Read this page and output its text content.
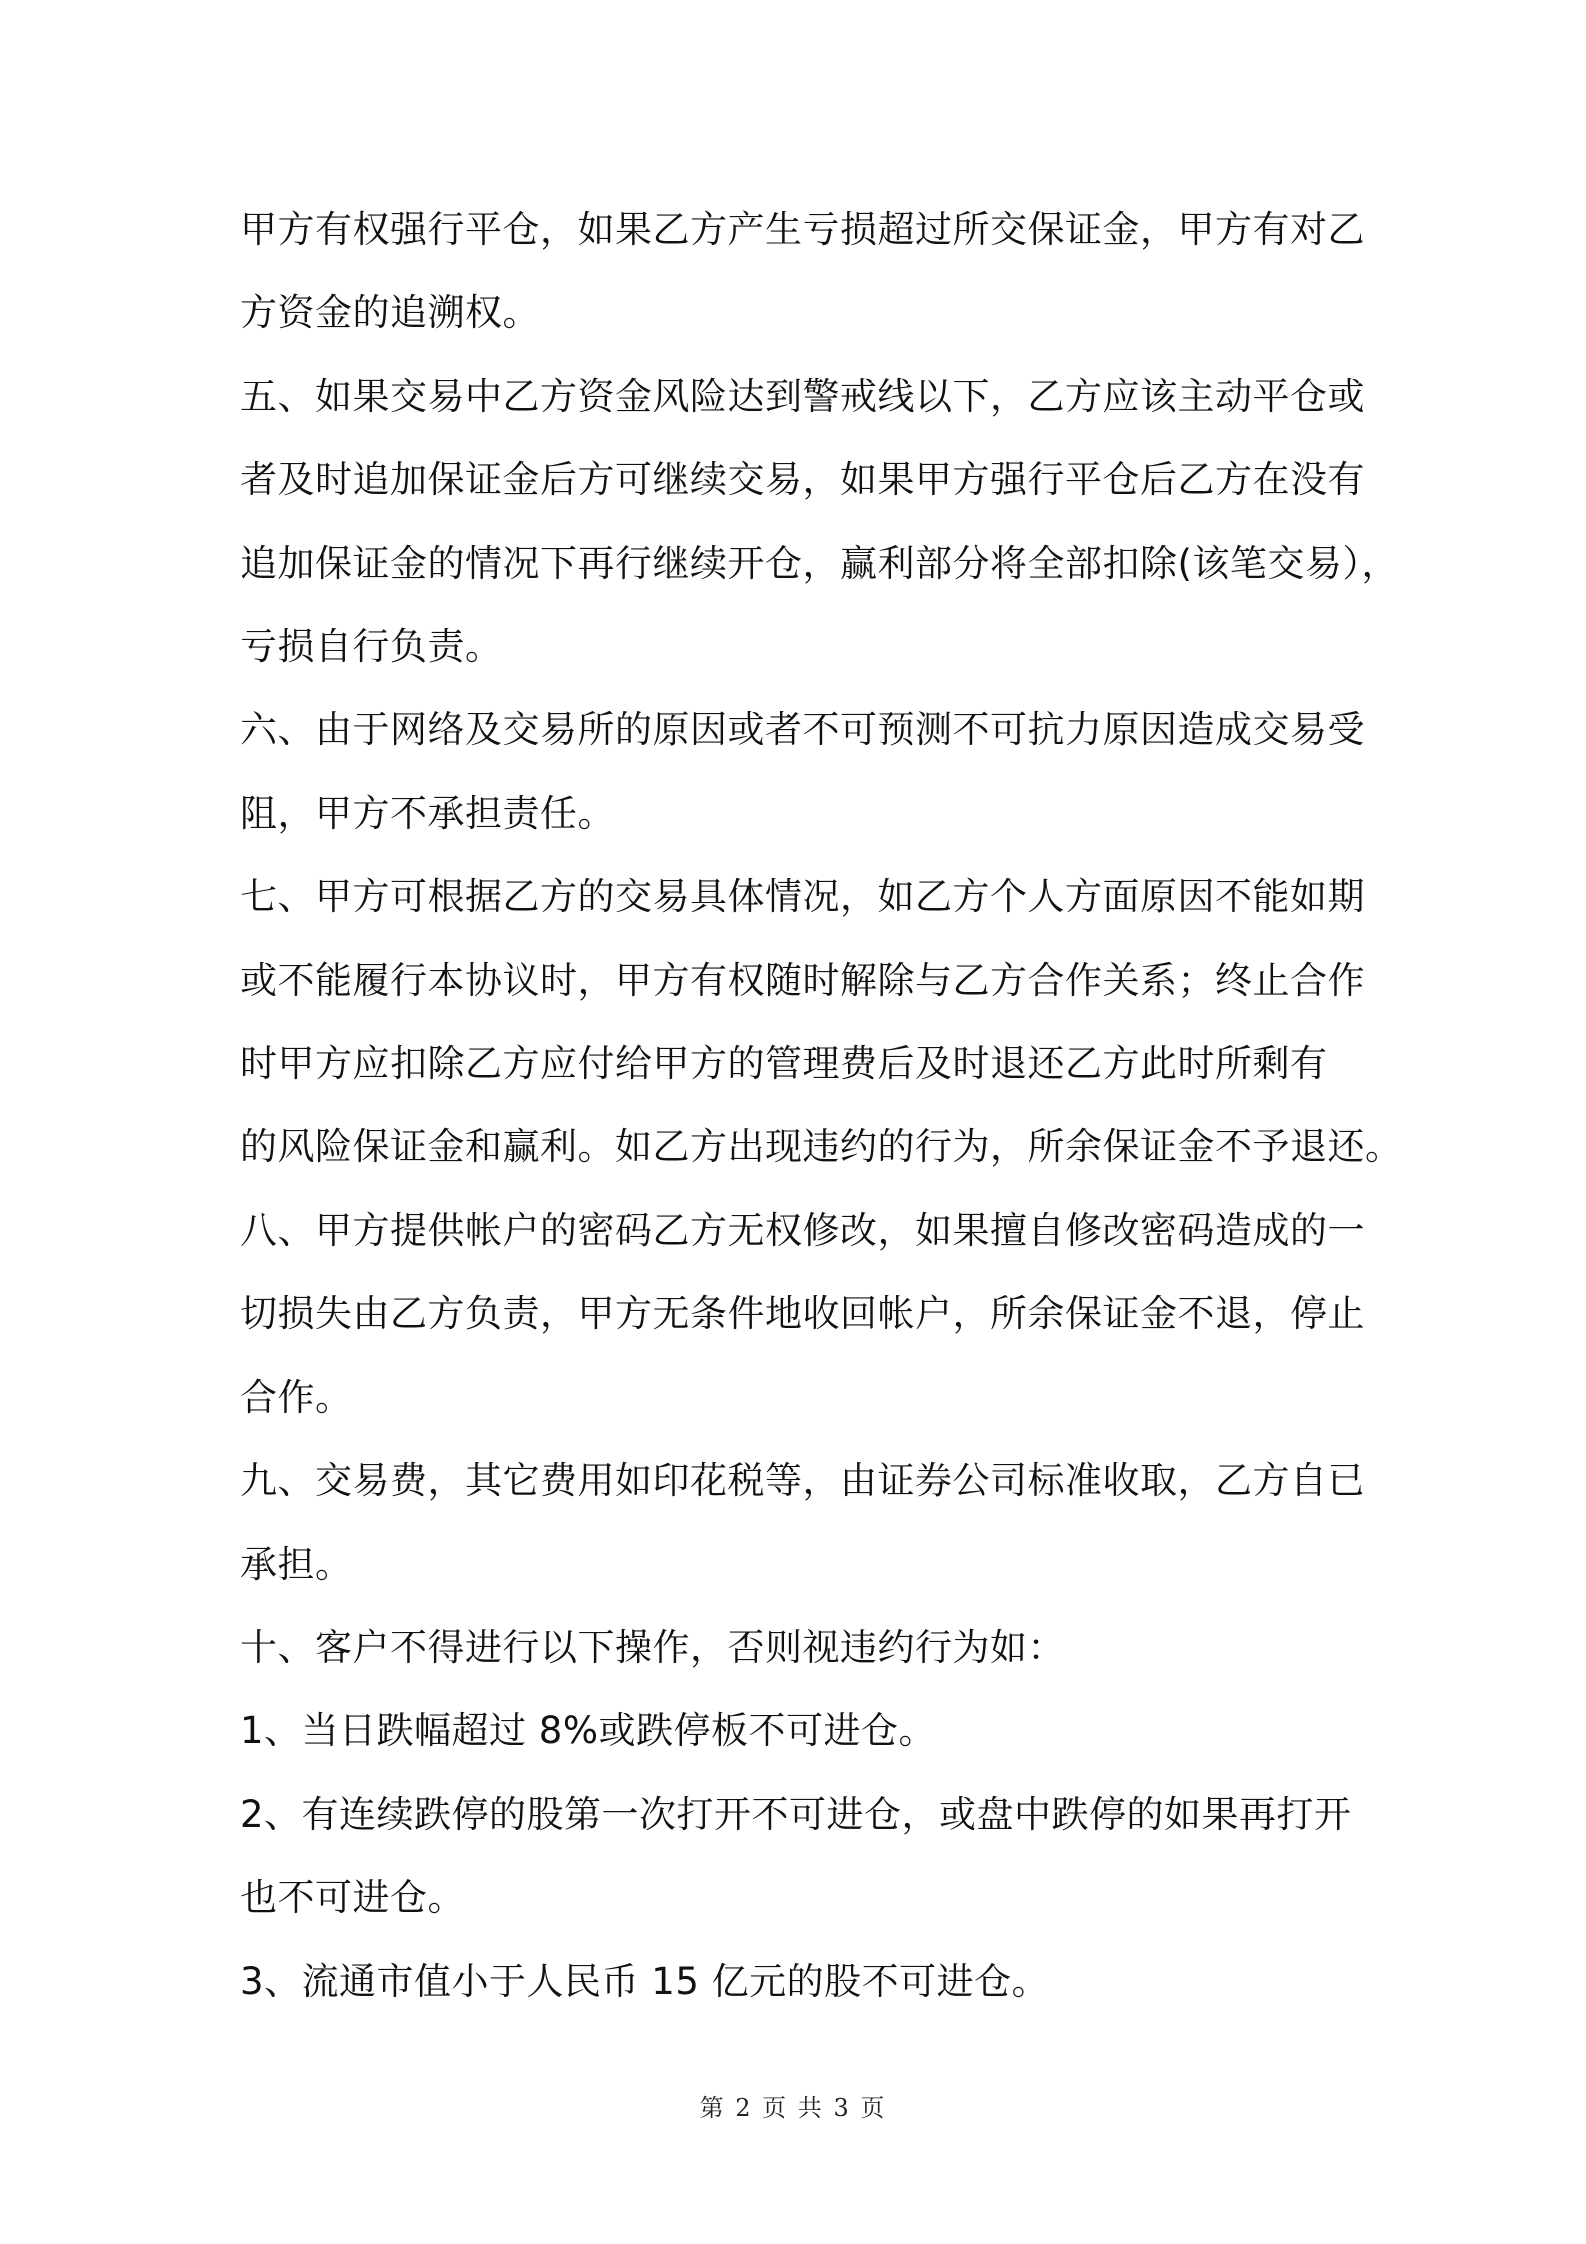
甲方有权强行平仓，如果乙方产生亏损超过所交保证金，甲方有对乙
方资金的追溯权。
五、如果交易中乙方资金风险达到警戒线以下，乙方应该主动平仓或
者及时追加保证金后方可继续交易，如果甲方强行平仓后乙方在没有
追加保证金的情况下再行继续开仓，赢利部分将全部扣除(该笔交易），
亏损自行负责。
六、由于网络及交易所的原因或者不可预测不可抗力原因造成交易受
阻，甲方不承担责任。
七、甲方可根据乙方的交易具体情况，如乙方个人方面原因不能如期
或不能履行本协议时，甲方有权随时解除与乙方合作关系；终止合作
时甲方应扣除乙方应付给甲方的管理费后及时退还乙方此时所剩有
的风险保证金和赢利。如乙方出现违约的行为，所余保证金不予退还。
八、甲方提供帐户的密码乙方无权修改，如果擅自修改密码造成的一
切损失由乙方负责，甲方无条件地收回帐户，所余保证金不退，停止
合作。
九、交易费，其它费用如印花税等，由证券公司标准收取，乙方自已
承担。
十、客户不得进行以下操作，否则视违约行为如：
1、当日跌幅超过 8%或跌停板不可进仓。
2、有连续跌停的股第一次打开不可进仓，或盘中跌停的如果再打开
也不可进仓。
3、流通市值小于人民币 15 亿元的股不可进仓。
第 2 页 共 3 页
